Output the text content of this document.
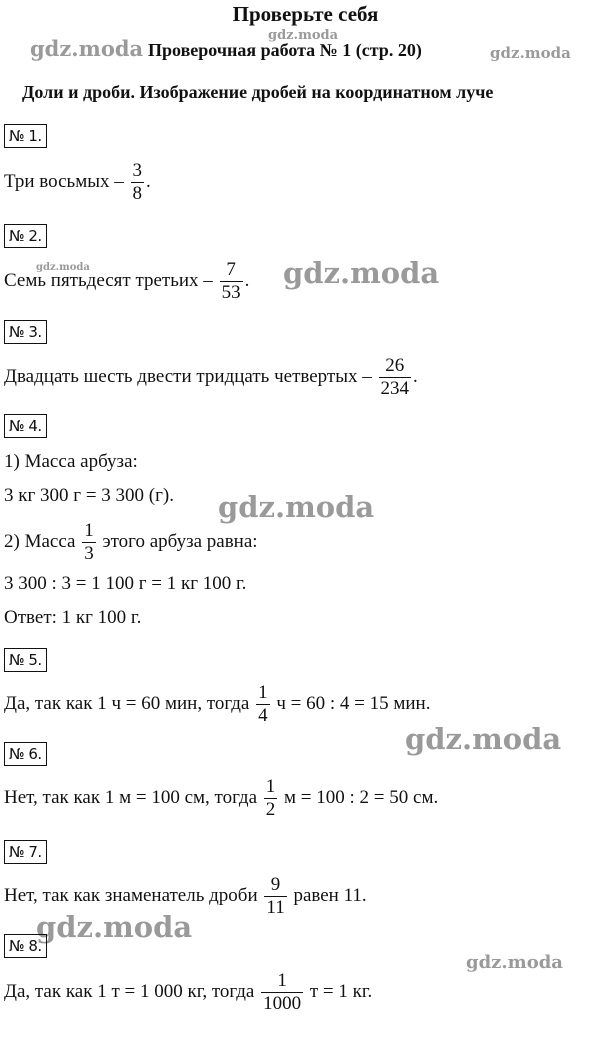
gdz.moda
gdz.moda
gdz.moda
gdz.moda	gdz.moda
gdz.moda
gdz.moda
gdz.moda
gdz.moda
Проверьте себя
Проверочная работа № 1 (стр. 20)
Доли и дроби. Изображение дробей на координатном луче
№ 1.
Три восьмых – $\frac{3}{8}$ .
№ 2.
Семь пятьдесят третьих – $\frac{7}{53}$ .
№ 3.
Двадцать шесть двести тридцать четвертых – $\frac{26}{234}$ .
№ 4.
1) Масса арбуза:
3 кг 300 г = 3 300 (г).
2) Масса $\frac{1}{3}$ этого арбуза равна:
3 300 : 3 = 1 100 г = 1 кг 100 г.
Ответ: 1 кг 100 г.
№ 5.
Да, так как 1 ч = 60 мин, тогда $\frac{1}{4}$ ч = 60 : 4 = 15 мин.
№ 6.
Нет, так как 1 м = 100 см, тогда $\frac{1}{2}$ м = 100 : 2 = 50 см.
№ 7.
Нет, так как знаменатель дроби $\frac{9}{11}$ равен 11.
№ 8.
Да, так как 1 т = 1 000 кг, тогда $\frac{1}{1000}$ т = 1 кг.
